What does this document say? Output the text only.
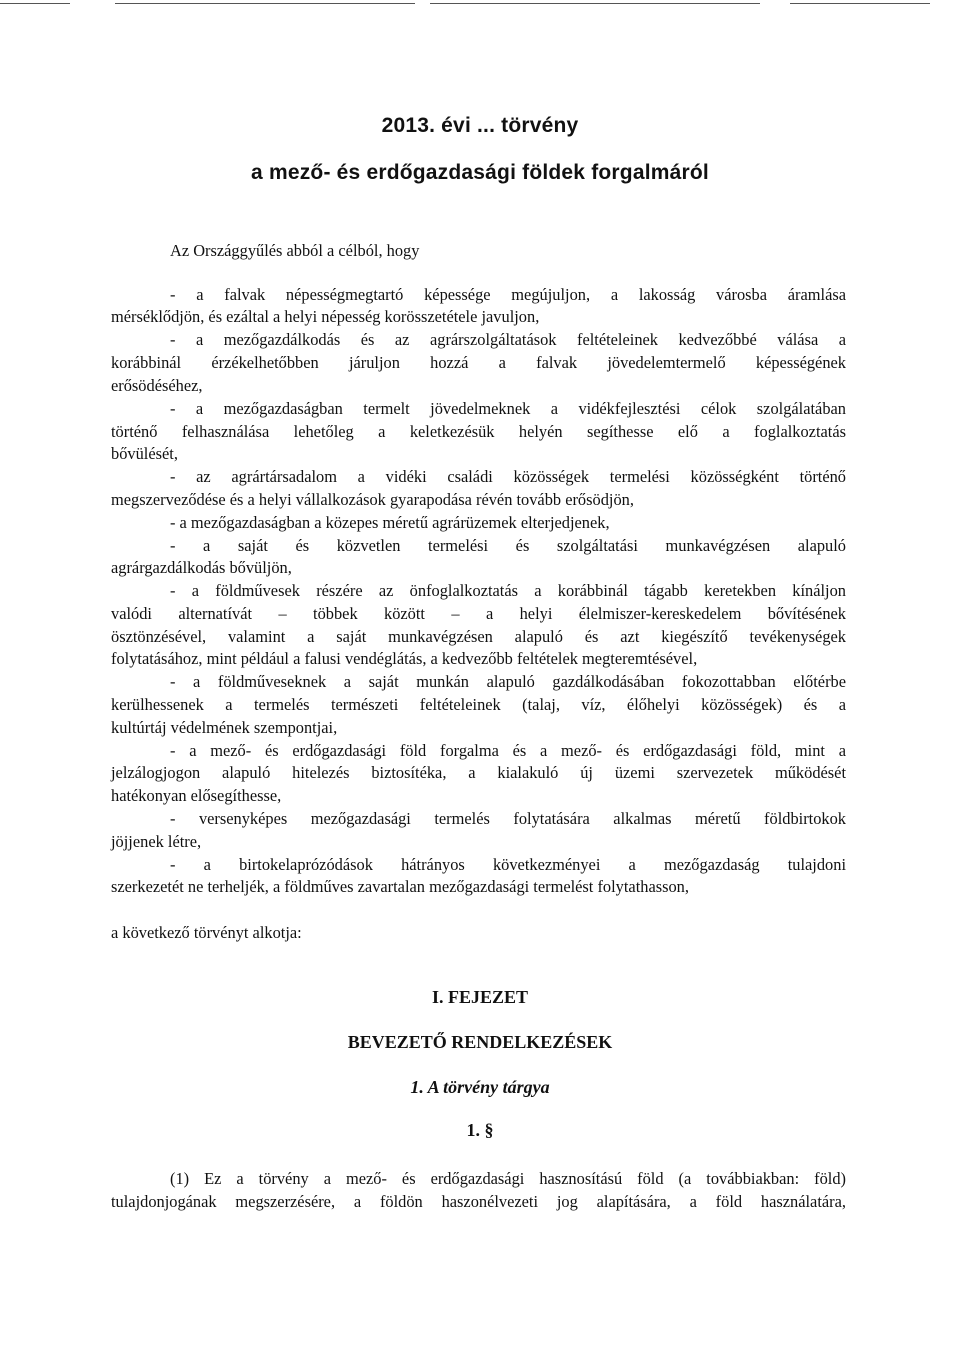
2013. évi ... törvény
a mező- és erdőgazdasági földek forgalmáról
Az Országgyűlés abból a célból, hogy
- a falvak népességmegtartó képessége megújuljon, a lakosság városba áramlása
mérséklődjön, és ezáltal a helyi népesség korösszetétele javuljon,
- a mezőgazdálkodás és az agrárszolgáltatások feltételeinek kedvezőbbé válása a
korábbinál érzékelhetőbben járuljon hozzá a falvak jövedelemtermelő képességének
erősödéséhez,
- a mezőgazdaságban termelt jövedelmeknek a vidékfejlesztési célok szolgálatában
történő felhasználása lehetőleg a keletkezésük helyén segíthesse elő a foglalkoztatás
bővülését,
- az agrártársadalom a vidéki családi közösségek termelési közösségként történő
megszerveződése és a helyi vállalkozások gyarapodása révén tovább erősödjön,
- a mezőgazdaságban a közepes méretű agrárüzemek elterjedjenek,
- a saját és közvetlen termelési és szolgáltatási munkavégzésen alapuló
agrárgazdálkodás bővüljön,
- a földművesek részére az önfoglalkoztatás a korábbinál tágabb keretekben kínáljon
valódi alternatívát – többek között – a helyi élelmiszer-kereskedelem bővítésének
ösztönzésével, valamint a saját munkavégzésen alapuló és azt kiegészítő tevékenységek
folytatásához, mint például a falusi vendéglátás, a kedvezőbb feltételek megteremtésével,
- a földműveseknek a saját munkán alapuló gazdálkodásában fokozottabban előtérbe
kerülhessenek a termelés természeti feltételeinek (talaj, víz, élőhelyi közösségek) és a
kultúrtáj védelmének szempontjai,
- a mező- és erdőgazdasági föld forgalma és a mező- és erdőgazdasági föld, mint a
jelzálogjogon alapuló hitelezés biztosítéka, a kialakuló új üzemi szervezetek működését
hatékonyan elősegíthesse,
- versenyképes mezőgazdasági termelés folytatására alkalmas méretű földbirtokok
jöjjenek létre,
- a birtokelaprózódások hátrányos következményei a mezőgazdaság tulajdoni
szerkezetét ne terheljék, a földműves zavartalan mezőgazdasági termelést folytathasson,
a következő törvényt alkotja:
I. FEJEZET
BEVEZETŐ RENDELKEZÉSEK
1. A törvény tárgya
1. §
(1) Ez a törvény a mező- és erdőgazdasági hasznosítású föld (a továbbiakban: föld)
tulajdonjogának megszerzésére, a földön haszonélvezeti jog alapítására, a föld használatára,
